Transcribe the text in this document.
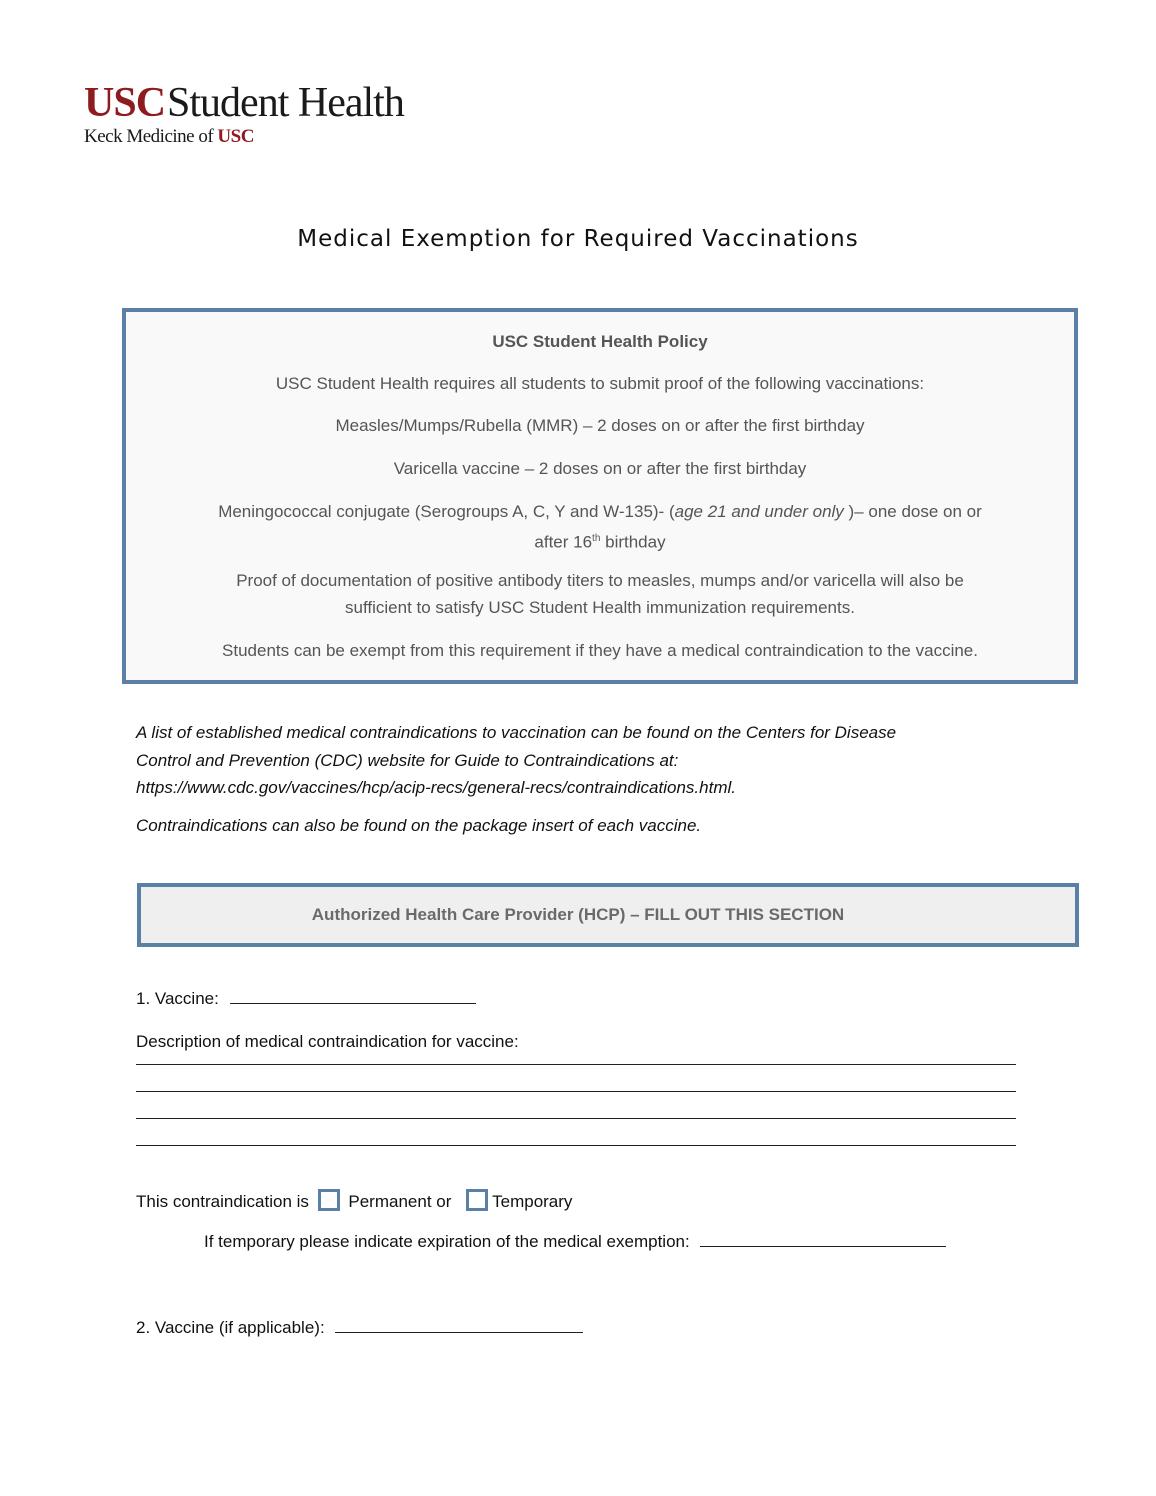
USCStudent Health
Keck Medicine of USC
Medical Exemption for Required Vaccinations

USC Student Health Policy

USC Student Health requires all students to submit proof of the following vaccinations:

Measles/Mumps/Rubella (MMR) – 2 doses on or after the first birthday

Varicella vaccine – 2 doses on or after the first birthday

Meningococcal conjugate (Serogroups A, C, Y and W-135)- (age 21 and under only )– one dose on or
after 16th birthday

Proof of documentation of positive antibody titers to measles, mumps and/or varicella will also be
sufficient to satisfy USC Student Health immunization requirements.

Students can be exempt from this requirement if they have a medical contraindication to the vaccine.

A list of established medical contraindications to vaccination can be found on the Centers for Disease
Control and Prevention (CDC) website for Guide to Contraindications at:
https://www.cdc.gov/vaccines/hcp/acip-recs/general-recs/contraindications.html.
Contraindications can also be found on the package insert of each vaccine.
Authorized Health Care Provider (HCP) – FILL OUT THIS SECTION
1. Vaccine:
Description of medical contraindication for vaccine:
This contraindication is Permanent or Temporary
If temporary please indicate expiration of the medical exemption:
2. Vaccine (if applicable):
